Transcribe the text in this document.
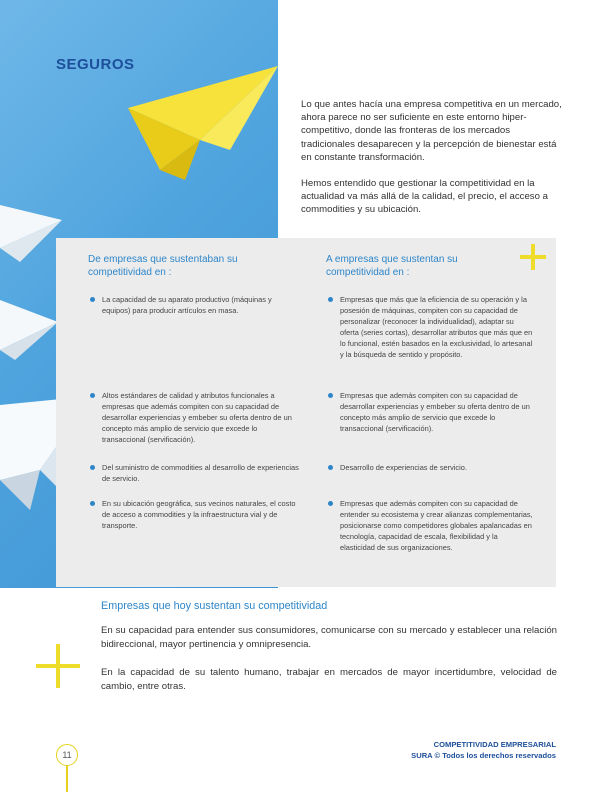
SEGUROS

Lo que antes hacía una empresa competitiva en un mercado, ahora parece no ser suficiente en este entorno hiper-competitivo, donde las fronteras de los mercados tradicionales desaparecen y la percepción de bienestar está en constante transformación.

Hemos entendido que gestionar la competitividad en la actualidad va más allá de la calidad, el precio, el acceso a commodities y su ubicación.

De empresas que sustentaban su competitividad en :
La capacidad de su aparato productivo (máquinas y equipos) para producir artículos en masa.
Altos estándares de calidad y atributos funcionales a empresas que además compiten con su capacidad de desarrollar experiencias y embeber su oferta dentro de un concepto más amplio de servicio que excede lo transaccional (servificación).
Del suministro de commodities al desarrollo de experiencias de servicio.
En su ubicación geográfica, sus vecinos naturales, el costo de acceso a commodities y la infraestructura vial y de transporte.
A empresas que sustentan su competitividad en :
Empresas que más que la eficiencia de su operación y la posesión de máquinas, compiten con su capacidad de personalizar (reconocer la individualidad), adaptar su oferta (series cortas), desarrollar atributos que más que en lo funcional, estén basados en la exclusividad, lo artesanal y la búsqueda de sentido y propósito.
Empresas que además compiten con su capacidad de desarrollar experiencias y embeber su oferta dentro de un concepto más amplio de servicio que excede lo transaccional (servificación).
Desarrollo de experiencias de servicio.
Empresas que además compiten con su capacidad de entender su ecosistema y crear alianzas complementarias, posicionarse como competidores globales apalancadas en tecnología, capacidad de escala, flexibilidad y la elasticidad de sus organizaciones.
Empresas que hoy sustentan su competitividad
En su capacidad para entender sus consumidores, comunicarse con su mercado y establecer una relación bidireccional, mayor pertinencia y omnipresencia.
En la capacidad de su talento humano, trabajar en mercados de mayor incertidumbre, velocidad de cambio, entre otras.
11
COMPETITIVIDAD EMPRESARIAL
SURA © Todos los derechos reservados
